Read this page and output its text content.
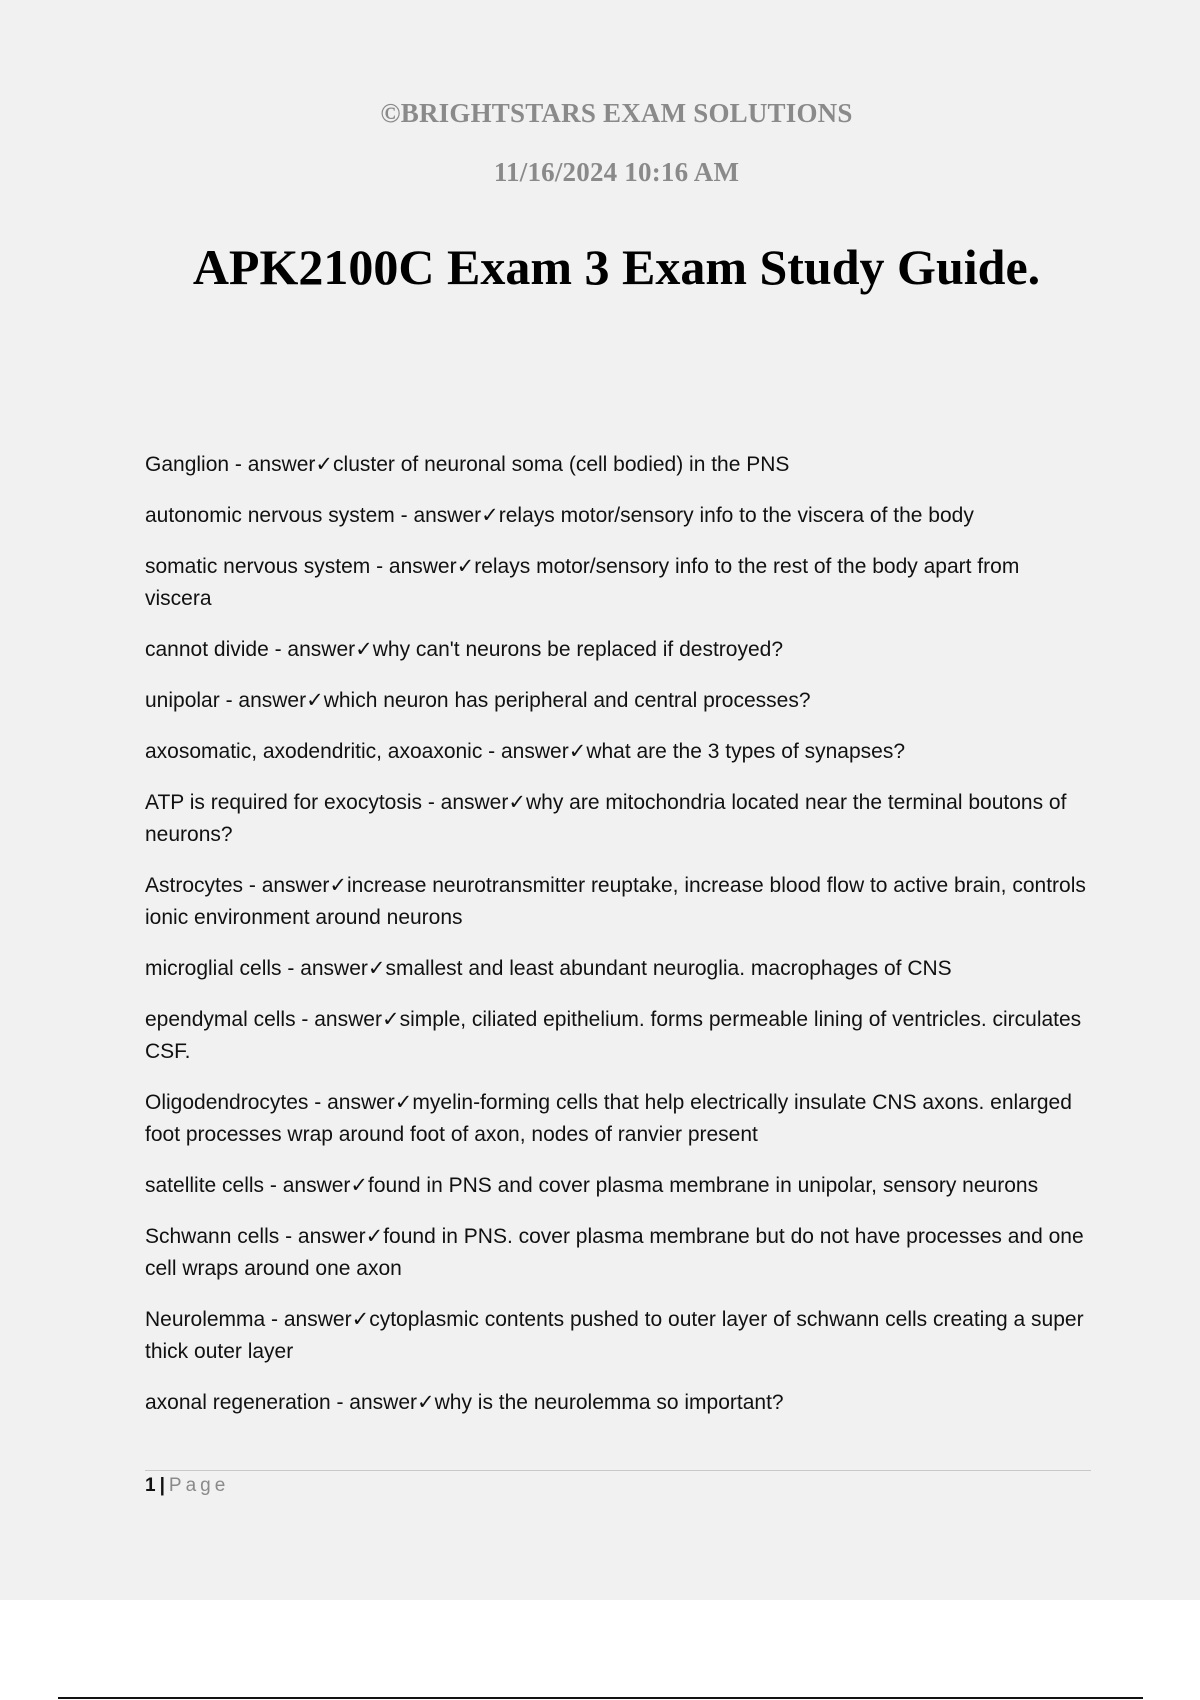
©BRIGHTSTARS EXAM SOLUTIONS
11/16/2024 10:16 AM
APK2100C Exam 3 Exam Study Guide.
Ganglion - answer✓cluster of neuronal soma (cell bodied) in the PNS
autonomic nervous system - answer✓relays motor/sensory info to the viscera of the body
somatic nervous system - answer✓relays motor/sensory info to the rest of the body apart from viscera
cannot divide - answer✓why can't neurons be replaced if destroyed?
unipolar - answer✓which neuron has peripheral and central processes?
axosomatic, axodendritic, axoaxonic - answer✓what are the 3 types of synapses?
ATP is required for exocytosis - answer✓why are mitochondria located near the terminal boutons of neurons?
Astrocytes - answer✓increase neurotransmitter reuptake, increase blood flow to active brain, controls ionic environment around neurons
microglial cells - answer✓smallest and least abundant neuroglia. macrophages of CNS
ependymal cells - answer✓simple, ciliated epithelium. forms permeable lining of ventricles. circulates CSF.
Oligodendrocytes - answer✓myelin-forming cells that help electrically insulate CNS axons. enlarged foot processes wrap around foot of axon, nodes of ranvier present
satellite cells - answer✓found in PNS and cover plasma membrane in unipolar, sensory neurons
Schwann cells - answer✓found in PNS. cover plasma membrane but do not have processes and one cell wraps around one axon
Neurolemma - answer✓cytoplasmic contents pushed to outer layer of schwann cells creating a super thick outer layer
axonal regeneration - answer✓why is the neurolemma so important?
1 | Page
